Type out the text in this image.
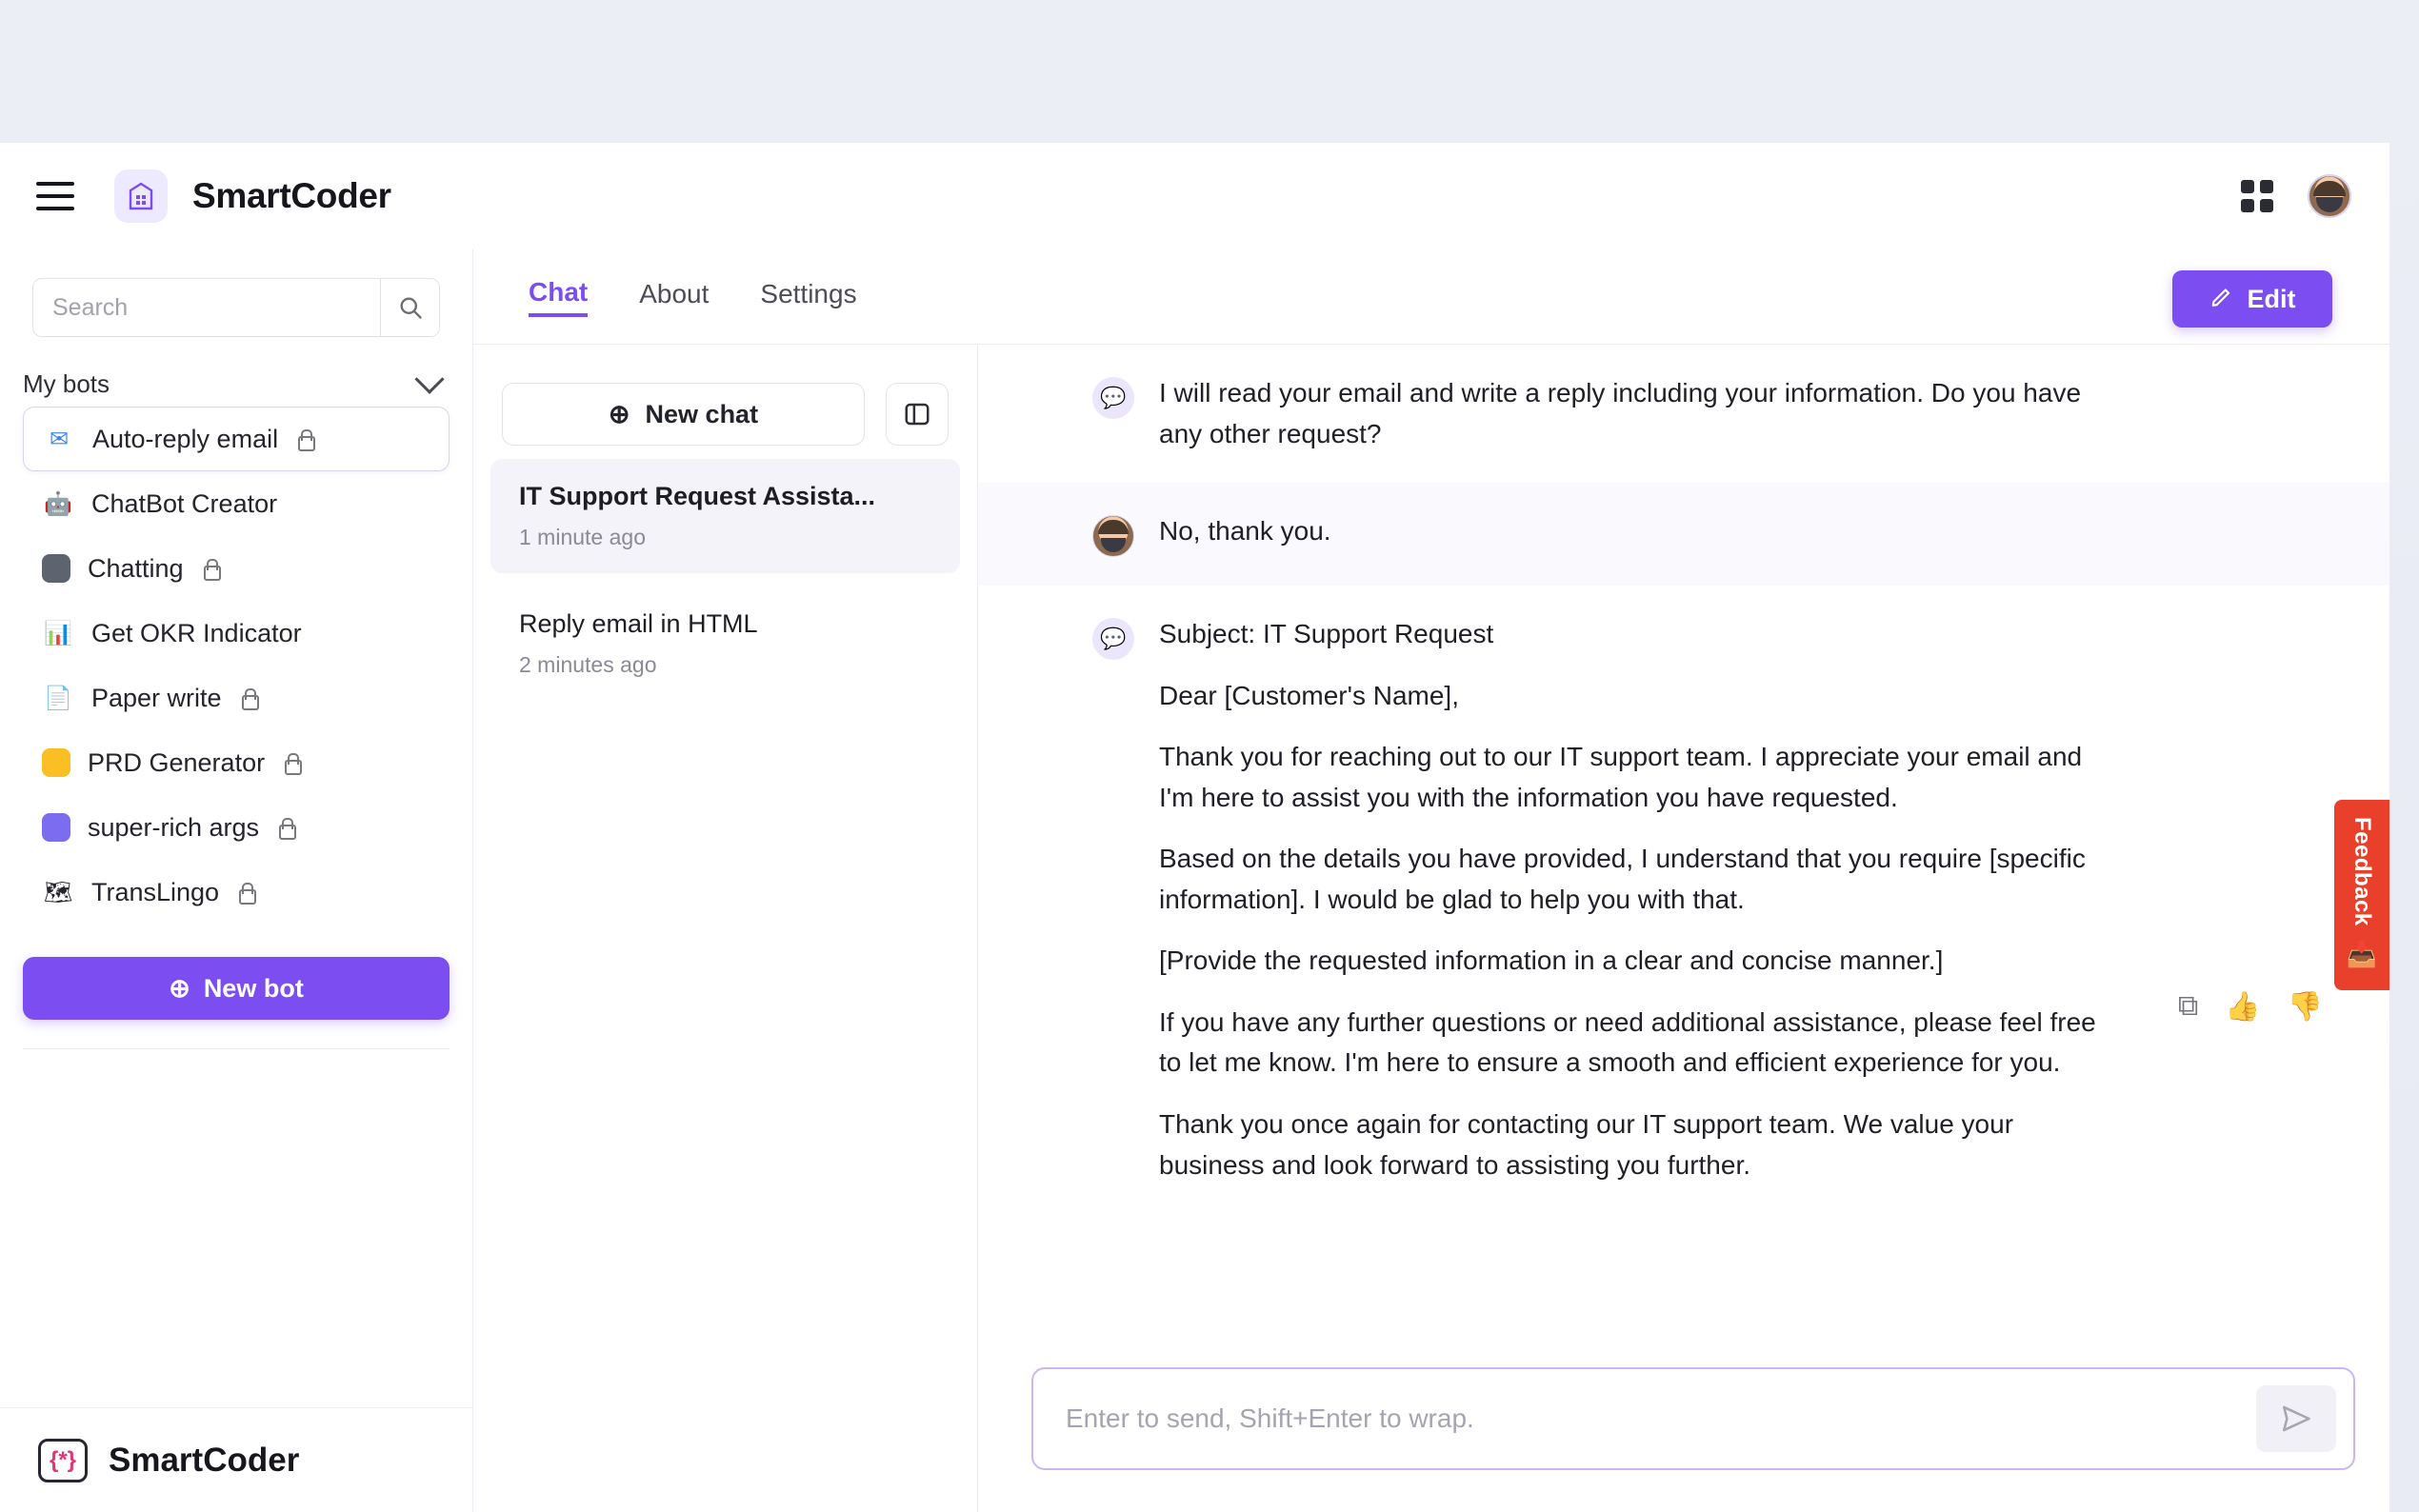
SmartCoder
Search
My bots
✉ Auto-reply email
🤖 ChatBot Creator
Chatting
📊 Get OKR Indicator
📄 Paper write
PRD Generator
super-rich args
🗺 TransLingo
⊕ New bot
{*} SmartCoder
Chat About Settings	Edit
⊕ New chat
IT Support Request Assista...
1 minute ago
Reply email in HTML
2 minutes ago
💬 I will read your email and write a reply including your information. Do you have any other request?

No, thank you.

💬 Subject: IT Support Request

Dear [Customer's Name],

Thank you for reaching out to our IT support team. I appreciate your email and I'm here to assist you with the information you have requested.

Based on the details you have provided, I understand that you require [specific information]. I would be glad to help you with that.

[Provide the requested information in a clear and concise manner.]

If you have any further questions or need additional assistance, please feel free to let me know. I'm here to ensure a smooth and efficient experience for you.

Thank you once again for contacting our IT support team. We value your business and look forward to assisting you further.

⧉ 👍 👎
Enter to send, Shift+Enter to wrap.
Feedback
📥
